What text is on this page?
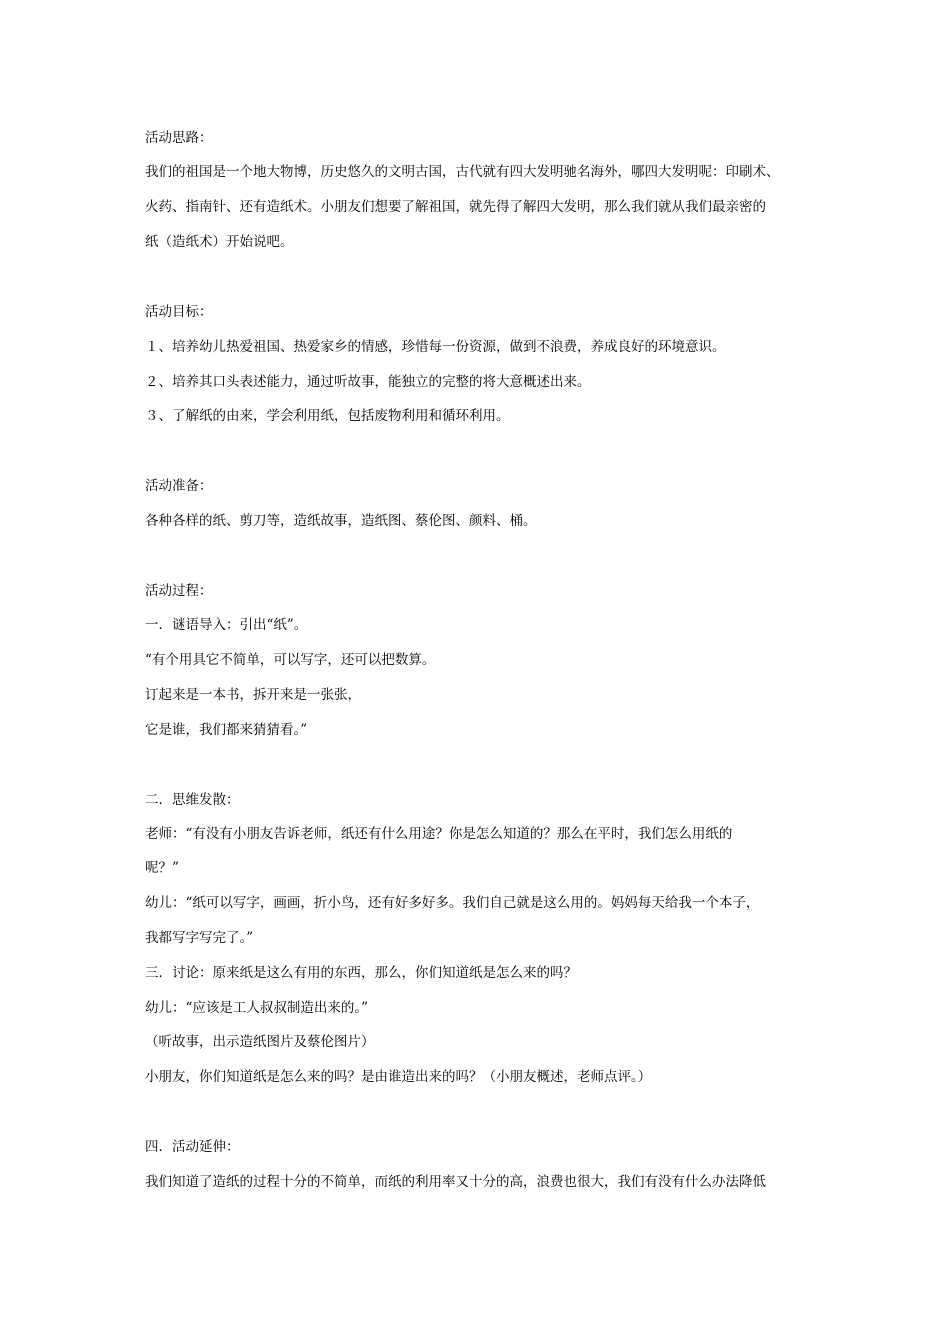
活动思路：
我们的祖国是一个地大物博，历史悠久的文明古国，古代就有四大发明驰名海外，哪四大发明呢：印刷术、
火药、指南针、还有造纸术。小朋友们想要了解祖国，就先得了解四大发明，那么我们就从我们最亲密的
纸（造纸术）开始说吧。
活动目标：
１、培养幼儿热爱祖国、热爱家乡的情感，珍惜每一份资源，做到不浪费，养成良好的环境意识。
２、培养其口头表述能力，通过听故事，能独立的完整的将大意概述出来。
３、了解纸的由来，学会利用纸，包括废物利用和循环利用。
活动准备：
各种各样的纸、剪刀等，造纸故事，造纸图、蔡伦图、颜料、桶。
活动过程：
一．谜语导入：引出“纸”。
“有个用具它不简单，可以写字，还可以把数算。
订起来是一本书，拆开来是一张张，
它是谁，我们都来猜猜看。”
二．思维发散：
老师：“有没有小朋友告诉老师，纸还有什么用途？你是怎么知道的？那么在平时，我们怎么用纸的
呢？”
幼儿：“纸可以写字，画画，折小鸟，还有好多好多。我们自己就是这么用的。妈妈每天给我一个本子，
我都写字写完了。”
三．讨论：原来纸是这么有用的东西，那么，你们知道纸是怎么来的吗？
幼儿：“应该是工人叔叔制造出来的。”
（听故事，出示造纸图片及蔡伦图片）
小朋友，你们知道纸是怎么来的吗？是由谁造出来的吗？（小朋友概述，老师点评。）
四．活动延伸：
我们知道了造纸的过程十分的不简单，而纸的利用率又十分的高，浪费也很大，我们有没有什么办法降低
